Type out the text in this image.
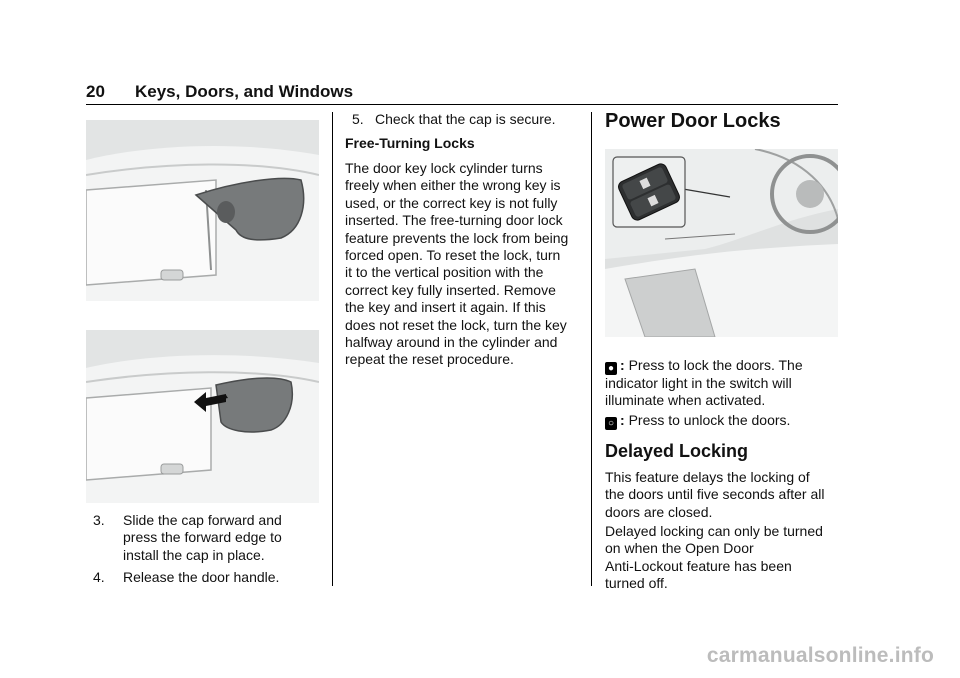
20 Keys, Doors, and Windows
3. Slide the cap forward and
press the forward edge to
install the cap in place.
4. Release the door handle.
5. Check that the cap is secure.
Free-Turning Locks

The door key lock cylinder turns

freely when either the wrong key is

used, or the correct key is not fully

inserted. The free-turning door lock

feature prevents the lock from being

forced open. To reset the lock, turn

it to the vertical position with the

correct key fully inserted. Remove

the key and insert it again. If this

does not reset the lock, turn the key

halfway around in the cylinder and

repeat the reset procedure.

Power Door Locks

● : Press to lock the doors. The

indicator light in the switch will

illuminate when activated.

○ : Press to unlock the doors.

Delayed Locking

This feature delays the locking of

the doors until five seconds after all

doors are closed.

Delayed locking can only be turned

on when the Open Door

Anti-Lockout feature has been

turned off.

carmanualsonline.info
